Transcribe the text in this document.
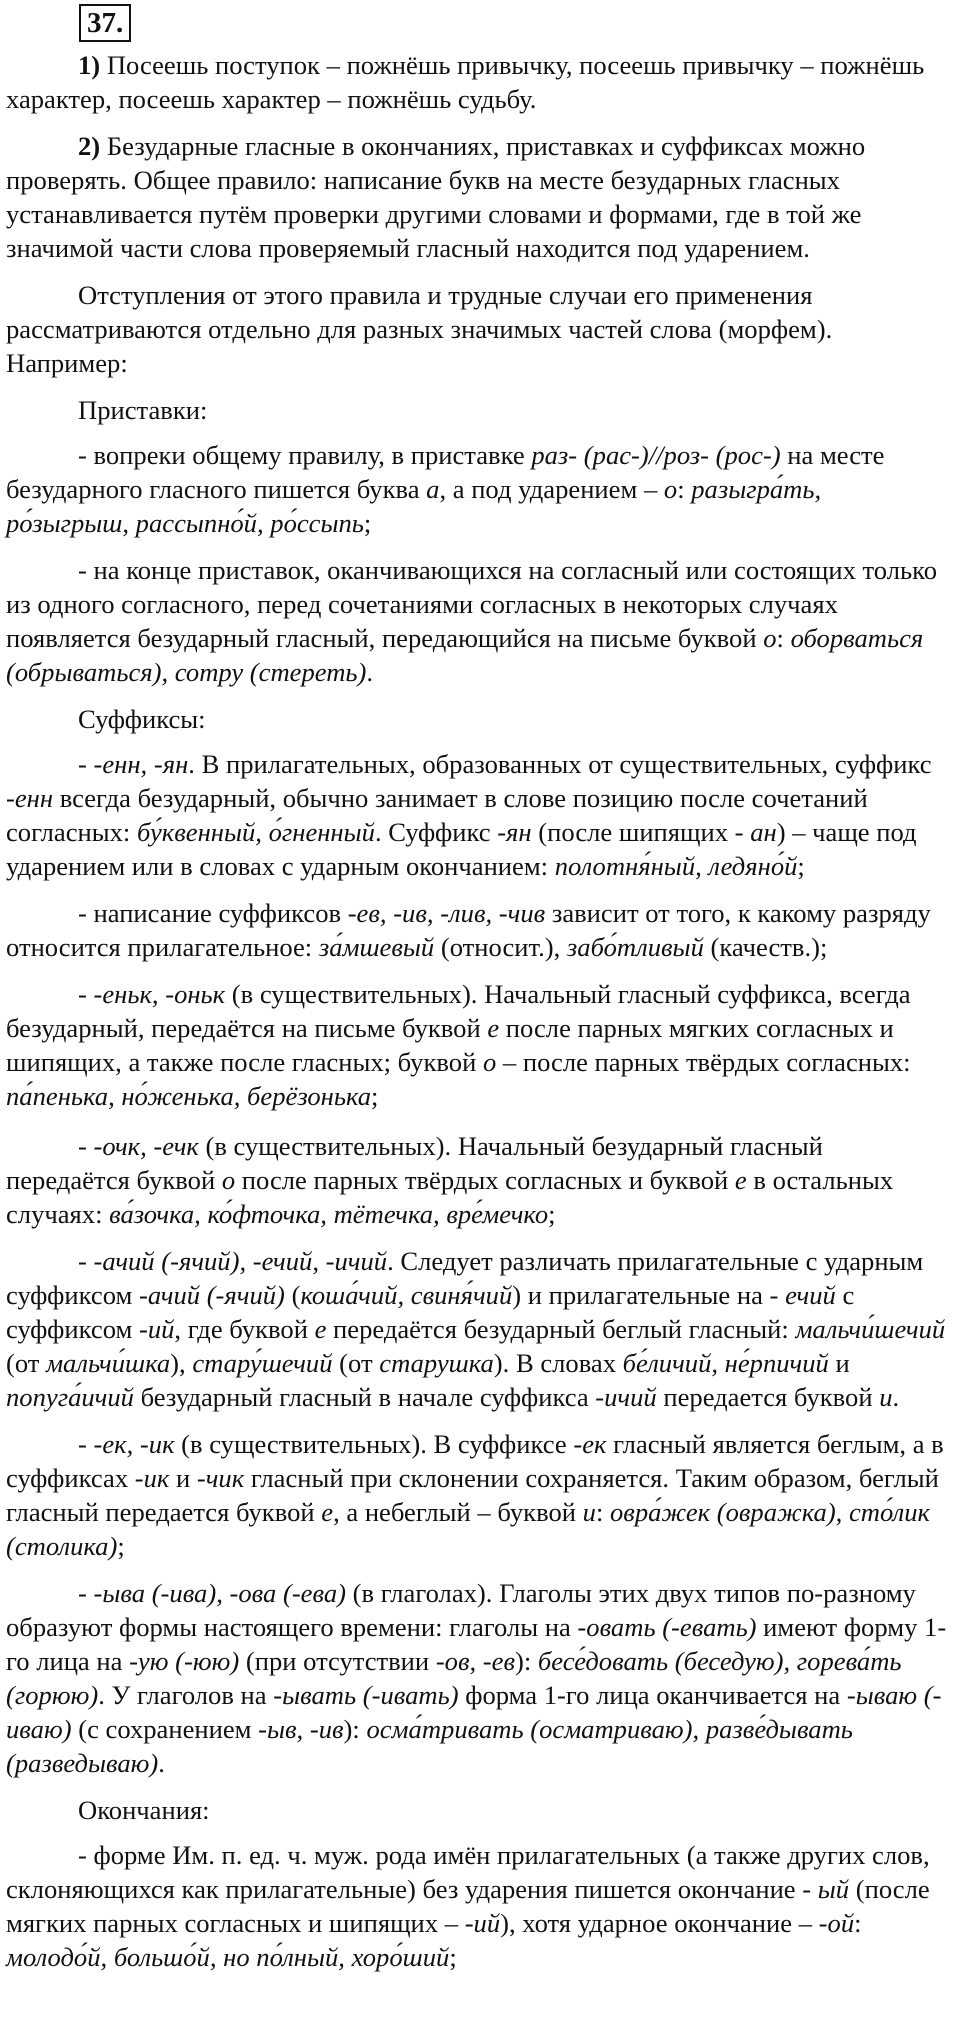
37.

1) Посеешь поступок – пожнёшь привычку, посеешь привычку – пожнёшь характер, посеешь характер – пожнёшь судьбу.

2) Безударные гласные в окончаниях, приставках и суффиксах можно проверять. Общее правило: написание букв на месте безударных гласных устанавливается путём проверки другими словами и формами, где в той же значимой части слова проверяемый гласный находится под ударением.

Отступления от этого правила и трудные случаи его применения рассматриваются отдельно для разных значимых частей слова (морфем). Например:

Приставки:

- вопреки общему правилу, в приставке раз- (рас-)//роз- (рос-) на месте безударного гласного пишется буква а, а под ударением – о: разыгра́ть, ро́зыгрыш, рассыпно́й, ро́ссыпь;

- на конце приставок, оканчивающихся на согласный или состоящих только из одного согласного, перед сочетаниями согласных в некоторых случаях появляется безударный гласный, передающийся на письме буквой о: оборваться (обрываться), сотру (стереть).

Суффиксы:

- -енн, -ян. В прилагательных, образованных от существительных, суффикс -енн всегда безударный, обычно занимает в слове позицию после сочетаний согласных: бу́квенный, о́гненный. Суффикс -ян (после шипящих - ан) – чаще под ударением или в словах с ударным окончанием: полотня́ный, ледяно́й;

- написание суффиксов -ев, -ив, -лив, -чив зависит от того, к какому разряду относится прилагательное: за́мшевый (относит.), забо́тливый (качеств.);

- -еньк, -оньк (в существительных). Начальный гласный суффикса, всегда безударный, передаётся на письме буквой е после парных мягких согласных и шипящих, а также после гласных; буквой о – после парных твёрдых согласных: па́пенька, но́женька, берёзонька;

- -очк, -ечк (в существительных). Начальный безударный гласный передаётся буквой о после парных твёрдых согласных и буквой е в остальных случаях: ва́зочка, ко́фточка, тётечка, вре́мечко;

- -ачий (-ячий), -ечий, -ичий. Следует различать прилагательные с ударным суффиксом -ачий (-ячий) (коша́чий, свиня́чий) и прилагательные на - ечий с суффиксом -ий, где буквой е передаётся безударный беглый гласный: мальчи́шечий (от мальчи́шка), стару́шечий (от старушка). В словах бе́личий, не́рпичий и попуга́ичий безударный гласный в начале суффикса -ичий передается буквой и.

- -ек, -ик (в существительных). В суффиксе -ек гласный является беглым, а в суффиксах -ик и -чик гласный при склонении сохраняется. Таким образом, беглый гласный передается буквой е, а небеглый – буквой и: овра́жек (овражка), сто́лик (столика);

- -ыва (-ива), -ова (-ева) (в глаголах). Глаголы этих двух типов по-разному образуют формы настоящего времени: глаголы на -овать (-евать) имеют форму 1-го лица на -ую (-юю) (при отсутствии -ов, -ев): бесе́довать (беседую), горева́ть (горюю). У глаголов на -ывать (-ивать) форма 1-го лица оканчивается на -ываю (-иваю) (с сохранением -ыв, -ив): осма́тривать (осматриваю), разве́дывать (разведываю).

Окончания:

- форме Им. п. ед. ч. муж. рода имён прилагательных (а также других слов, склоняющихся как прилагательные) без ударения пишется окончание - ый (после мягких парных согласных и шипящих – -ий), хотя ударное окончание – -ой: молодо́й, большо́й, но по́лный, хоро́ший;
